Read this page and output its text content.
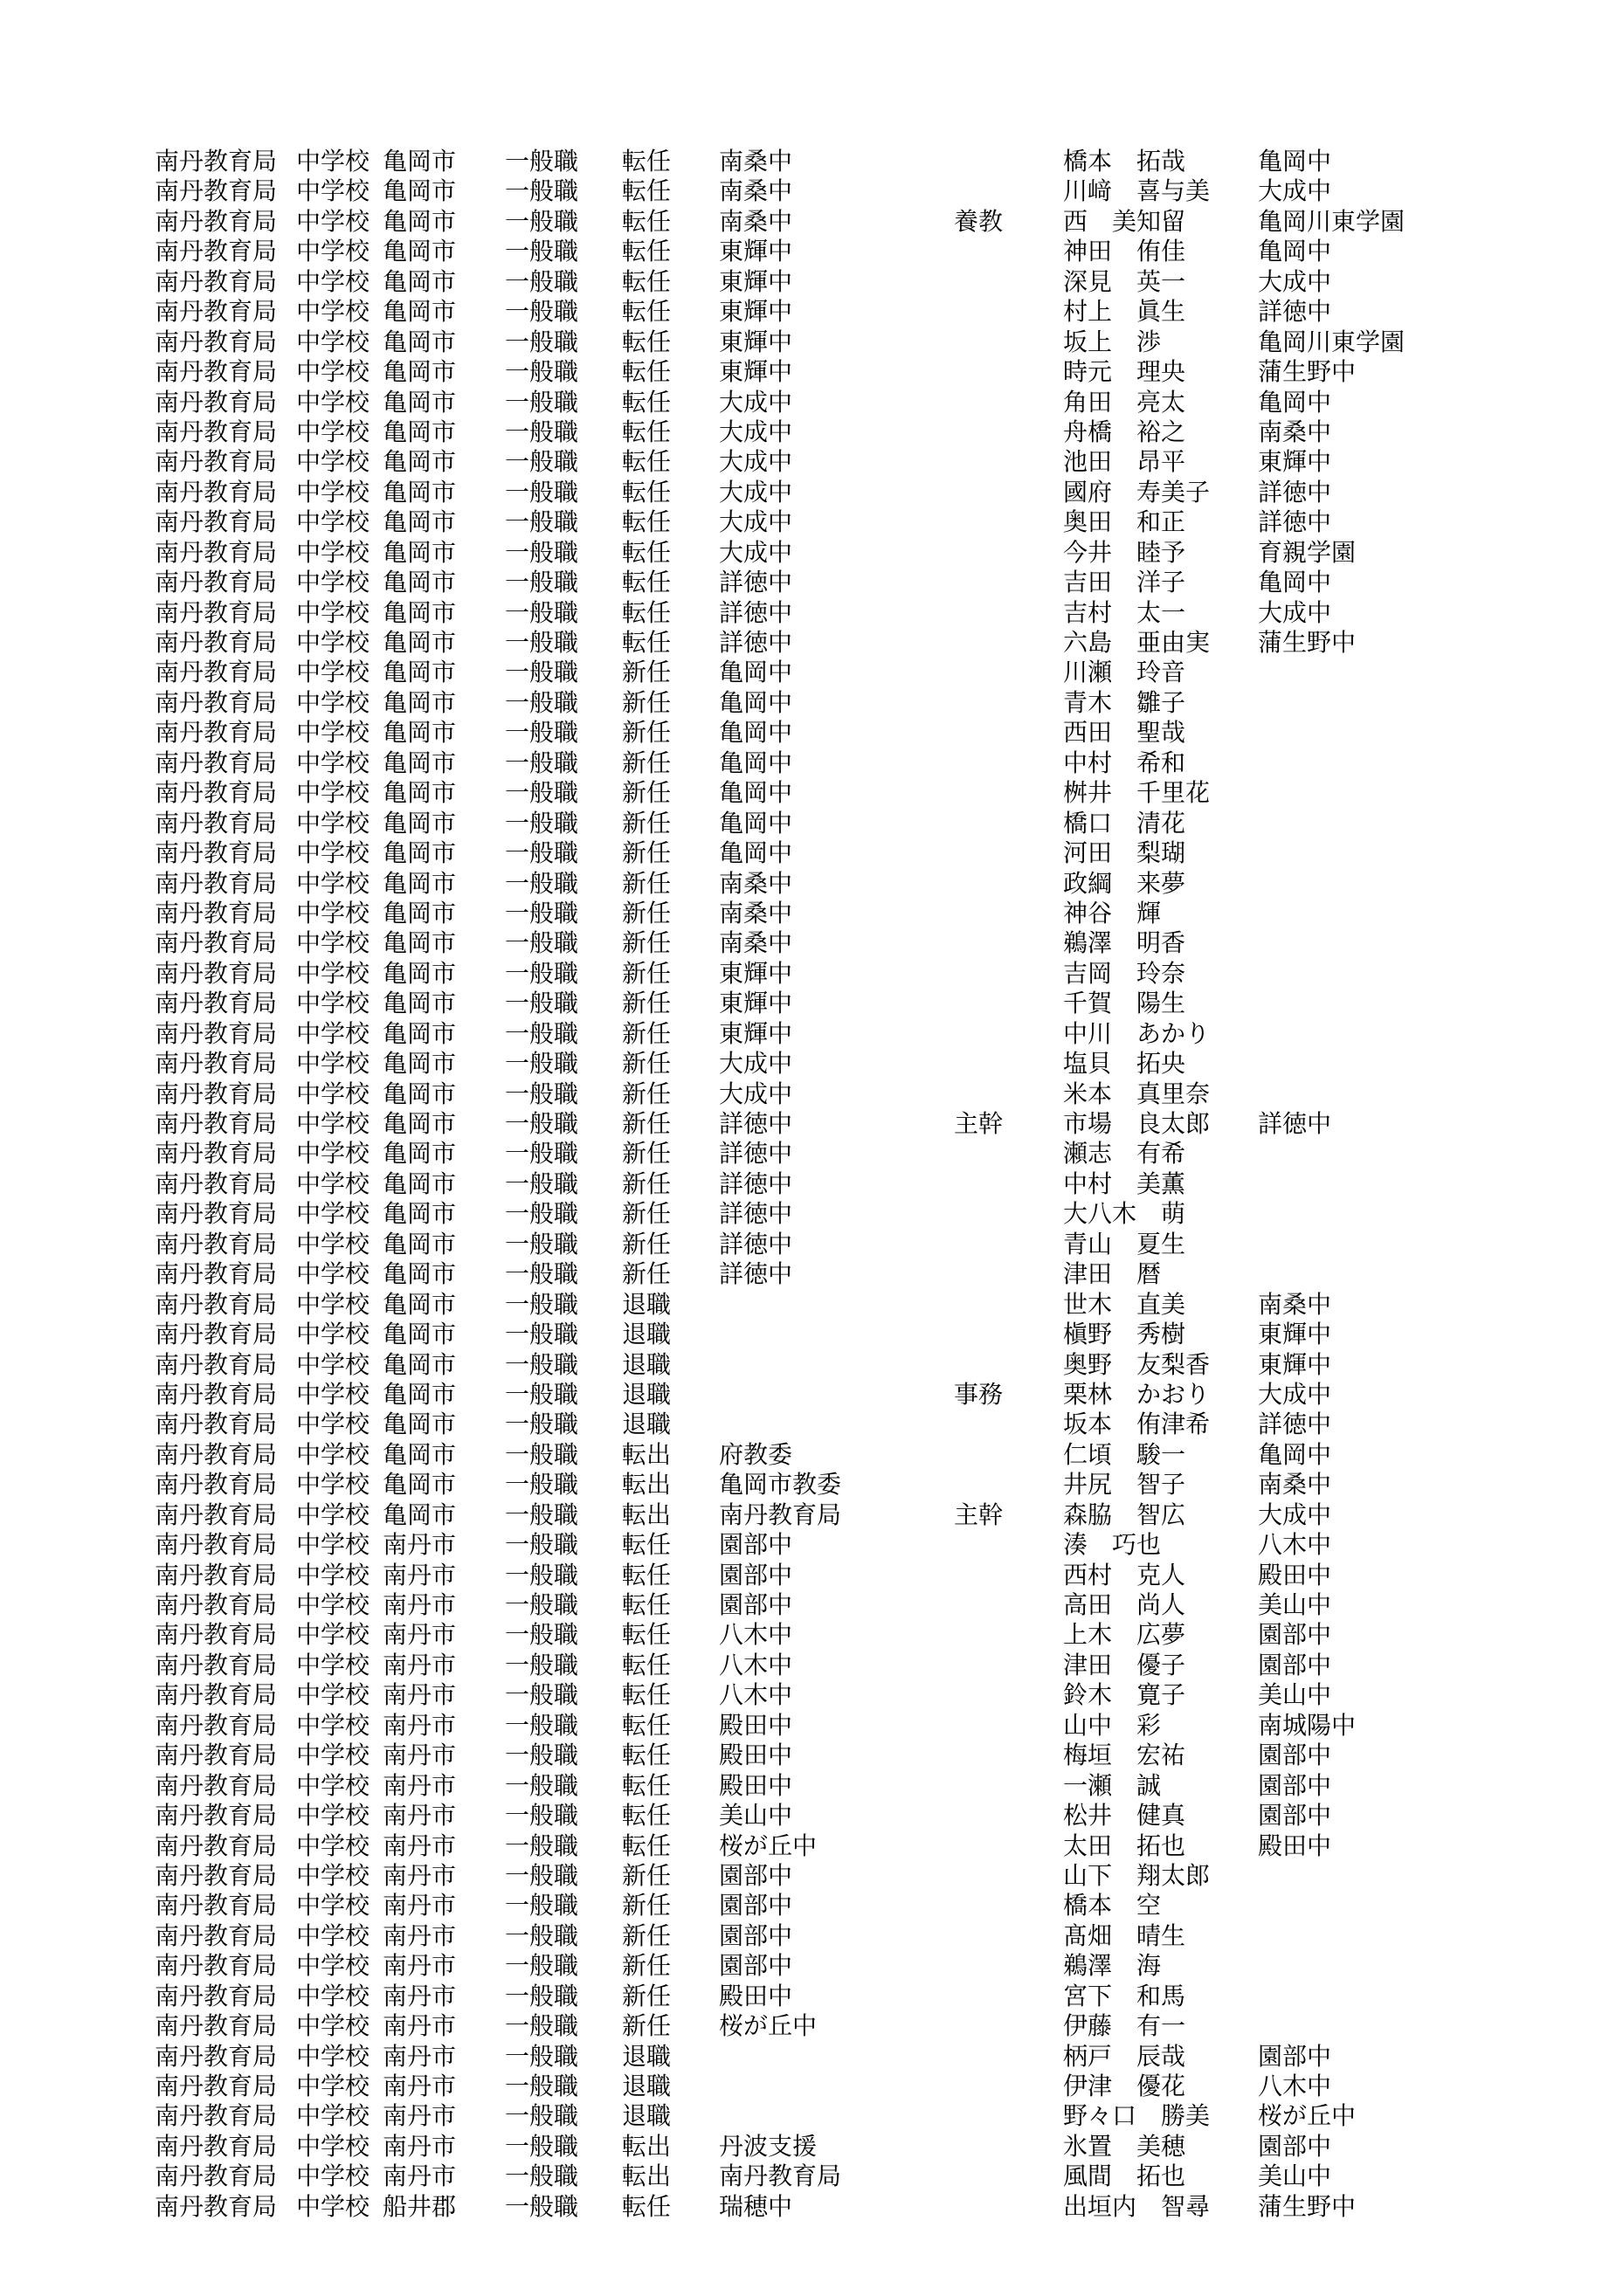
南丹教育局 中学校 亀岡市 一般職 転任 南桑中	橋本　拓哉	亀岡中
南丹教育局 中学校 亀岡市 一般職 転任 南桑中	川﨑　喜与美 大成中
南丹教育局 中学校 亀岡市 一般職 転任 南桑中	養教 西　美知留	亀岡川東学園
南丹教育局 中学校 亀岡市 一般職 転任 東輝中	神田　侑佳	亀岡中
南丹教育局 中学校 亀岡市 一般職 転任 東輝中	深見　英一	大成中
南丹教育局 中学校 亀岡市 一般職 転任 東輝中	村上　眞生	詳徳中
南丹教育局 中学校 亀岡市 一般職 転任 東輝中	坂上　渉	亀岡川東学園
南丹教育局 中学校 亀岡市 一般職 転任 東輝中	時元　理央	蒲生野中
南丹教育局 中学校 亀岡市 一般職 転任 大成中	角田　亮太	亀岡中
南丹教育局 中学校 亀岡市 一般職 転任 大成中	舟橋　裕之	南桑中
南丹教育局 中学校 亀岡市 一般職 転任 大成中	池田　昂平	東輝中
南丹教育局 中学校 亀岡市 一般職 転任 大成中	國府　寿美子 詳徳中
南丹教育局 中学校 亀岡市 一般職 転任 大成中	奥田　和正	詳徳中
南丹教育局 中学校 亀岡市 一般職 転任 大成中	今井　睦予	育親学園
南丹教育局 中学校 亀岡市 一般職 転任 詳徳中	吉田　洋子	亀岡中
南丹教育局 中学校 亀岡市 一般職 転任 詳徳中	吉村　太一	大成中
南丹教育局 中学校 亀岡市 一般職 転任 詳徳中	六島　亜由実 蒲生野中
南丹教育局 中学校 亀岡市 一般職 新任 亀岡中	川瀬　玲音
南丹教育局 中学校 亀岡市 一般職 新任 亀岡中	青木　雛子
南丹教育局 中学校 亀岡市 一般職 新任 亀岡中	西田　聖哉
南丹教育局 中学校 亀岡市 一般職 新任 亀岡中	中村　希和
南丹教育局 中学校 亀岡市 一般職 新任 亀岡中	桝井　千里花
南丹教育局 中学校 亀岡市 一般職 新任 亀岡中	橋口　清花
南丹教育局 中学校 亀岡市 一般職 新任 亀岡中	河田　梨瑚
南丹教育局 中学校 亀岡市 一般職 新任 南桑中	政綱　来夢
南丹教育局 中学校 亀岡市 一般職 新任 南桑中	神谷　輝
南丹教育局 中学校 亀岡市 一般職 新任 南桑中	鵜澤　明香
南丹教育局 中学校 亀岡市 一般職 新任 東輝中	吉岡　玲奈
南丹教育局 中学校 亀岡市 一般職 新任 東輝中	千賀　陽生
南丹教育局 中学校 亀岡市 一般職 新任 東輝中	中川　あかり
南丹教育局 中学校 亀岡市 一般職 新任 大成中	塩貝　拓央
南丹教育局 中学校 亀岡市 一般職 新任 大成中	米本　真里奈
南丹教育局 中学校 亀岡市 一般職 新任 詳徳中	主幹 市場　良太郎 詳徳中
南丹教育局 中学校 亀岡市 一般職 新任 詳徳中	瀬志　有希
南丹教育局 中学校 亀岡市 一般職 新任 詳徳中	中村　美薫
南丹教育局 中学校 亀岡市 一般職 新任 詳徳中	大八木　萌
南丹教育局 中学校 亀岡市 一般職 新任 詳徳中	青山　夏生
南丹教育局 中学校 亀岡市 一般職 新任 詳徳中	津田　暦
南丹教育局 中学校 亀岡市 一般職 退職	世木　直美	南桑中
南丹教育局 中学校 亀岡市 一般職 退職	槇野　秀樹	東輝中
南丹教育局 中学校 亀岡市 一般職 退職	奥野　友梨香 東輝中
南丹教育局 中学校 亀岡市 一般職 退職	事務 栗林　かおり 大成中
南丹教育局 中学校 亀岡市 一般職 退職	坂本　侑津希 詳徳中
南丹教育局 中学校 亀岡市 一般職 転出 府教委	仁頃　駿一	亀岡中
南丹教育局 中学校 亀岡市 一般職 転出 亀岡市教委	井尻　智子	南桑中
南丹教育局 中学校 亀岡市 一般職 転出 南丹教育局	主幹 森脇　智広	大成中
南丹教育局 中学校 南丹市 一般職 転任 園部中	湊　巧也	八木中
南丹教育局 中学校 南丹市 一般職 転任 園部中	西村　克人	殿田中
南丹教育局 中学校 南丹市 一般職 転任 園部中	高田　尚人	美山中
南丹教育局 中学校 南丹市 一般職 転任 八木中	上木　広夢	園部中
南丹教育局 中学校 南丹市 一般職 転任 八木中	津田　優子	園部中
南丹教育局 中学校 南丹市 一般職 転任 八木中	鈴木　寛子	美山中
南丹教育局 中学校 南丹市 一般職 転任 殿田中	山中　彩	南城陽中
南丹教育局 中学校 南丹市 一般職 転任 殿田中	梅垣　宏祐	園部中
南丹教育局 中学校 南丹市 一般職 転任 殿田中	一瀬　誠	園部中
南丹教育局 中学校 南丹市 一般職 転任 美山中	松井　健真	園部中
南丹教育局 中学校 南丹市 一般職 転任 桜が丘中	太田　拓也	殿田中
南丹教育局 中学校 南丹市 一般職 新任 園部中	山下　翔太郎
南丹教育局 中学校 南丹市 一般職 新任 園部中	橋本　空
南丹教育局 中学校 南丹市 一般職 新任 園部中	髙畑　晴生
南丹教育局 中学校 南丹市 一般職 新任 園部中	鵜澤　海
南丹教育局 中学校 南丹市 一般職 新任 殿田中	宮下　和馬
南丹教育局 中学校 南丹市 一般職 新任 桜が丘中	伊藤　有一
南丹教育局 中学校 南丹市 一般職 退職	柄戸　辰哉	園部中
南丹教育局 中学校 南丹市 一般職 退職	伊津　優花	八木中
南丹教育局 中学校 南丹市 一般職 退職	野々口　勝美 桜が丘中
南丹教育局 中学校 南丹市 一般職 転出 丹波支援	氷置　美穂	園部中
南丹教育局 中学校 南丹市 一般職 転出 南丹教育局	風間　拓也	美山中
南丹教育局 中学校 船井郡 一般職 転任 瑞穂中	出垣内　智尋 蒲生野中
